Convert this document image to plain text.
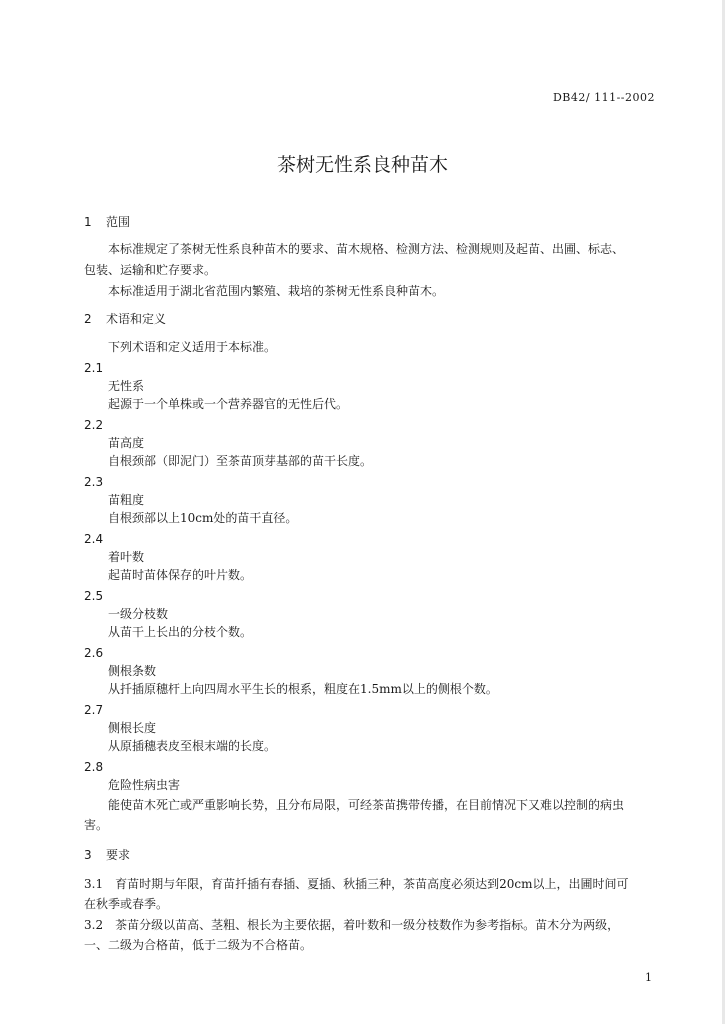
DB42/ 111--2002
茶树无性系良种苗木
1 范围
本标准规定了茶树无性系良种苗木的要求、苗木规格、检测方法、检测规则及起苗、出圃、标志、
包装、运输和贮存要求。
本标准适用于湖北省范围内繁殖、栽培的茶树无性系良种苗木。
2 术语和定义
下列术语和定义适用于本标准。
2.1
无性系
起源于一个单株或一个营养器官的无性后代。
2.2
苗高度
自根颈部（即泥门）至茶苗顶芽基部的苗干长度。
2.3
苗粗度
自根颈部以上10cm处的苗干直径。
2.4
着叶数
起苗时苗体保存的叶片数。
2.5
一级分枝数
从苗干上长出的分枝个数。
2.6
侧根条数
从扦插原穗杆上向四周水平生长的根系，粗度在1.5mm以上的侧根个数。
2.7
侧根长度
从原插穗表皮至根末端的长度。
2.8
危险性病虫害
能使苗木死亡或严重影响长势，且分布局限，可经茶苗携带传播，在目前情况下又难以控制的病虫
害。
3 要求
3.1　育苗时期与年限，育苗扦插有春插、夏插、秋插三种，茶苗高度必须达到20cm以上，出圃时间可
在秋季或春季。
3.2　茶苗分级以苗高、茎粗、根长为主要依据，着叶数和一级分枝数作为参考指标。苗木分为两级，
一、二级为合格苗，低于二级为不合格苗。
1
